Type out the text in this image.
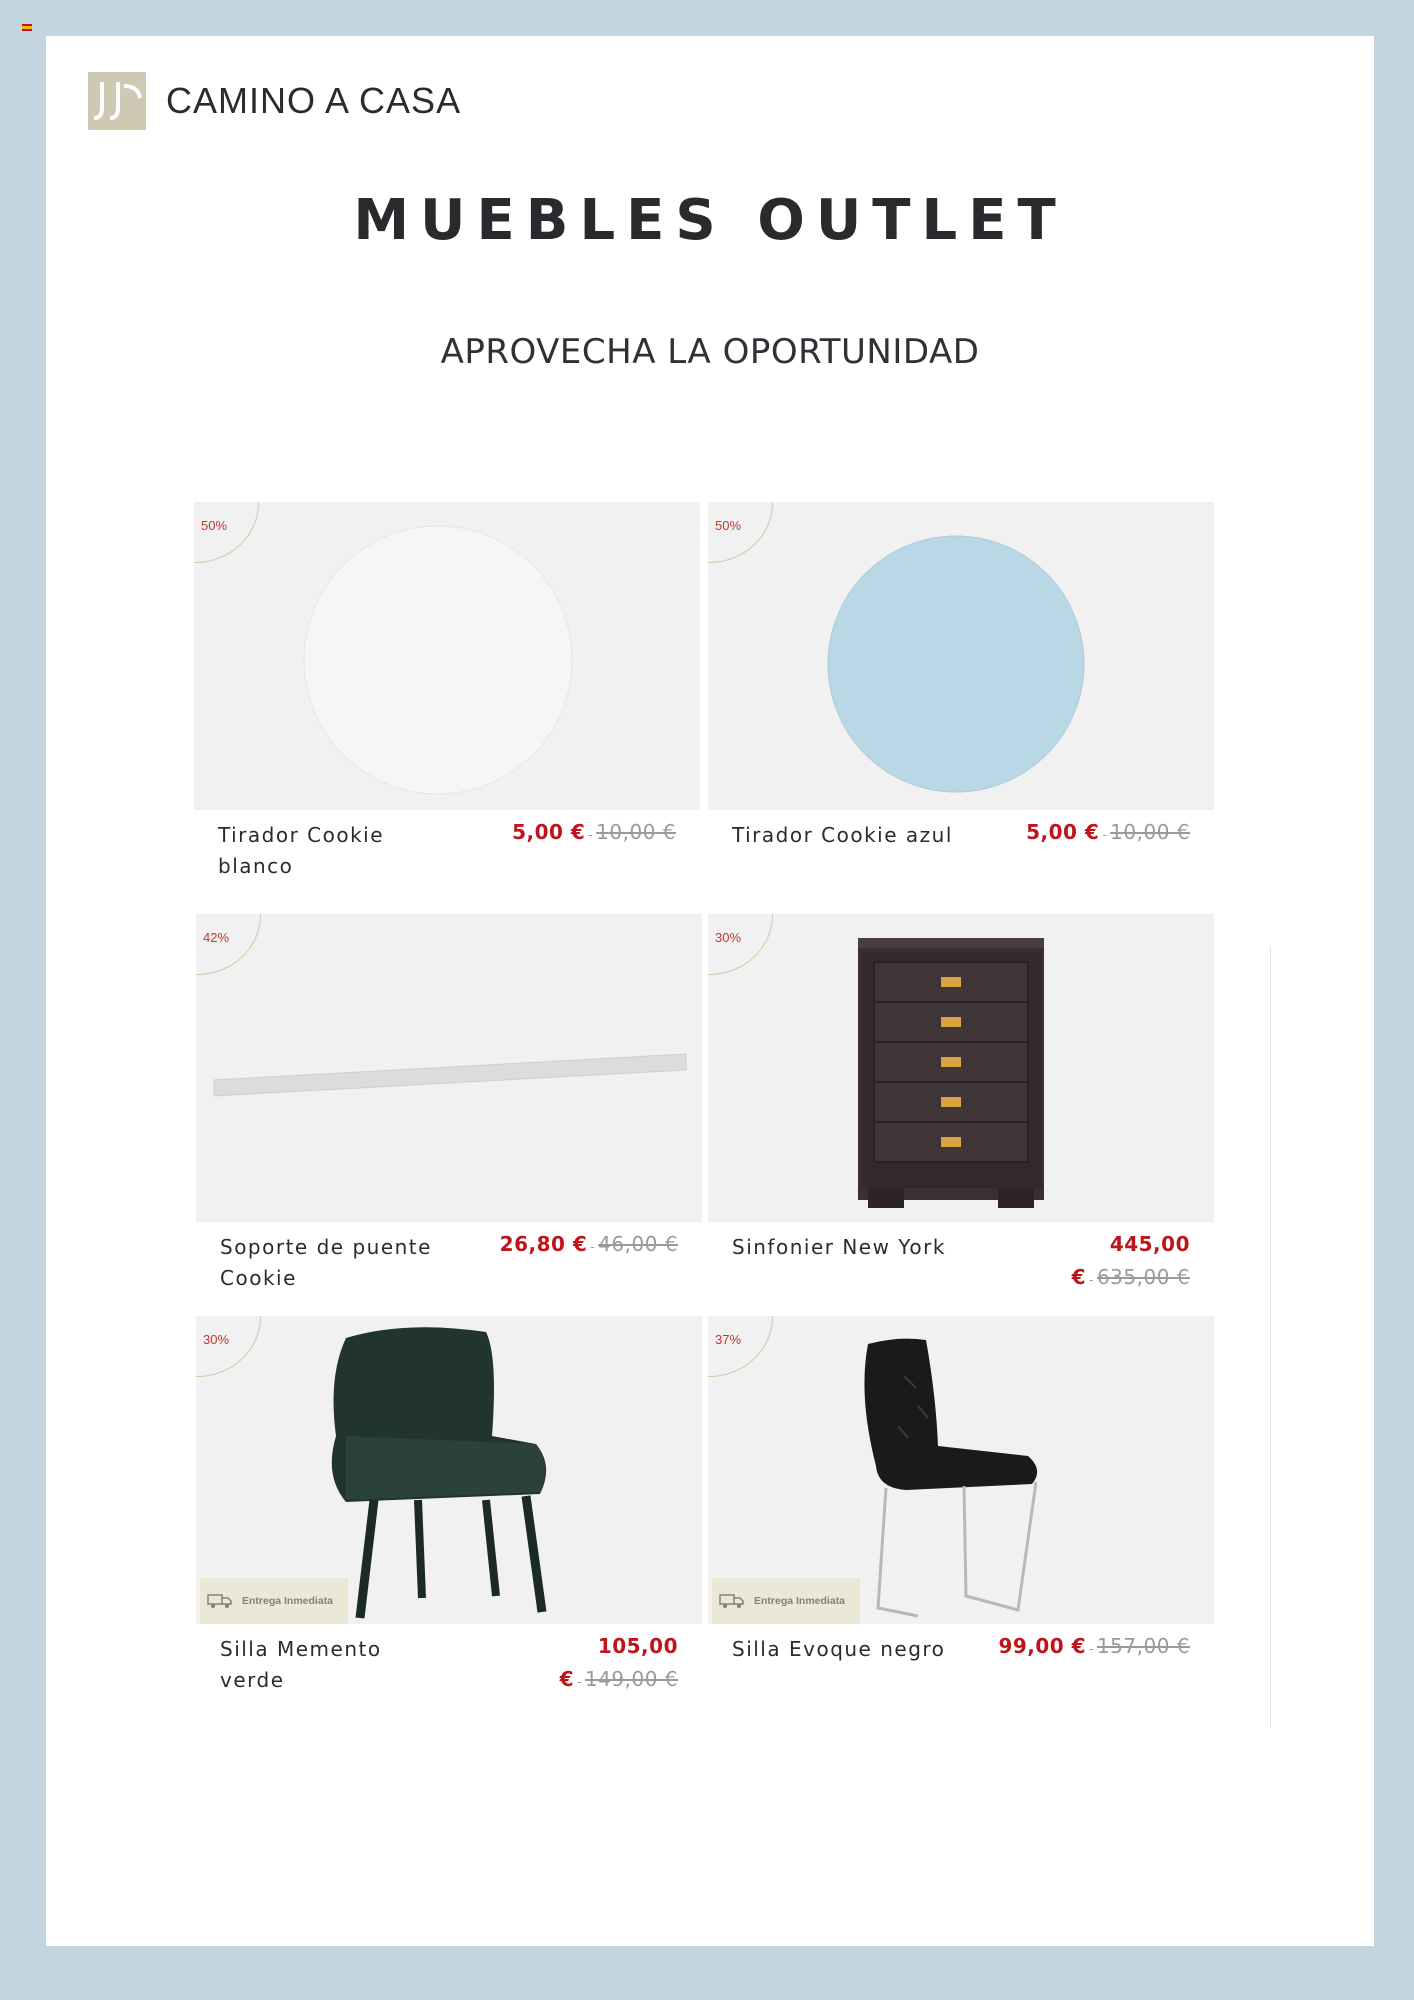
CAMINO A CASA
MUEBLES OUTLET
APROVECHA LA OPORTUNIDAD
50%
Tirador Cookie blanco
5,00 € - 10,00 €
50%
Tirador Cookie azul	5,00 € - 10,00 €
42%
Soporte de puente Cookie
26,80 € - 46,00 €
30%
Sinfonier New York	445,00 € - 635,00 €
30%
Entrega Inmediata
Silla Memento verde
105,00 € - 149,00 €
37%
Entrega Inmediata
Silla Evoque negro	99,00 € - 157,00 €
